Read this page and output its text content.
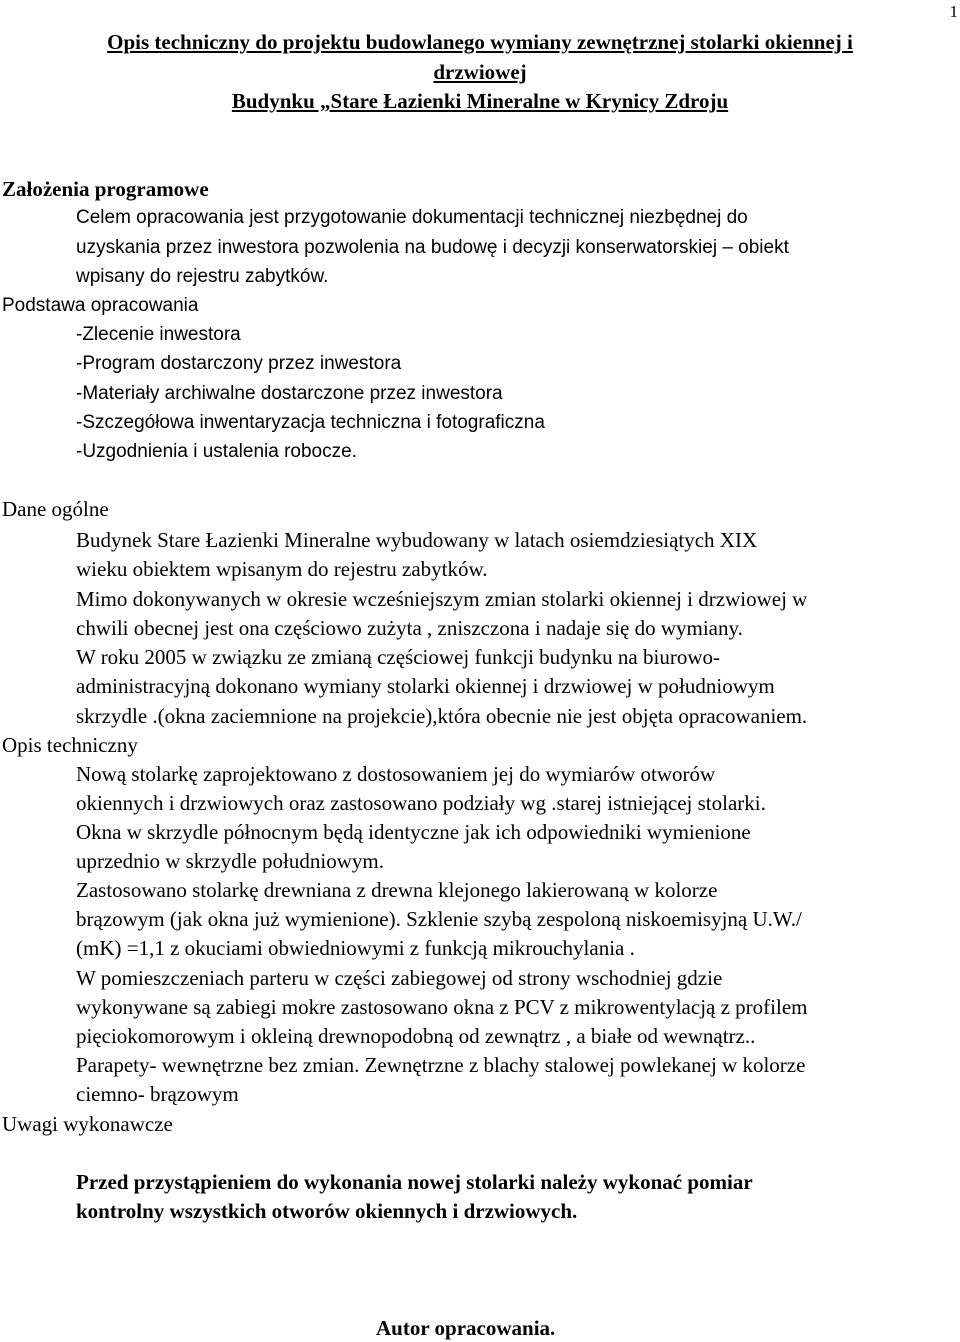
1
Opis techniczny do projektu budowlanego wymiany zewnętrznej stolarki okiennej i
drzwiowej
Budynku „Stare Łazienki Mineralne w Krynicy Zdroju
Założenia programowe
Celem opracowania jest przygotowanie dokumentacji technicznej niezbędnej do
uzyskania przez inwestora pozwolenia na budowę i decyzji konserwatorskiej – obiekt
wpisany do rejestru zabytków.
Podstawa opracowania
-Zlecenie inwestora
-Program dostarczony przez inwestora
-Materiały archiwalne dostarczone przez inwestora
-Szczegółowa inwentaryzacja techniczna i fotograficzna
-Uzgodnienia i ustalenia robocze.
Dane ogólne
Budynek Stare Łazienki Mineralne wybudowany w latach osiemdziesiątych XIX
wieku obiektem wpisanym do rejestru zabytków.
Mimo dokonywanych w okresie wcześniejszym zmian stolarki okiennej i drzwiowej w
chwili obecnej jest ona częściowo zużyta , zniszczona i nadaje się do wymiany.
W roku 2005 w związku ze zmianą częściowej funkcji budynku na biurowo-
administracyjną dokonano wymiany stolarki okiennej i drzwiowej w południowym
skrzydle .(okna zaciemnione na projekcie),która obecnie nie jest objęta opracowaniem.
Opis techniczny
Nową stolarkę zaprojektowano z dostosowaniem jej do wymiarów otworów
okiennych i drzwiowych oraz zastosowano podziały wg .starej istniejącej stolarki.
Okna w skrzydle północnym będą identyczne jak ich odpowiedniki wymienione
uprzednio w skrzydle południowym.
Zastosowano stolarkę drewniana z drewna klejonego lakierowaną w kolorze
brązowym (jak okna już wymienione). Szklenie szybą zespoloną niskoemisyjną U.W./
(mK) =1,1 z okuciami obwiedniowymi z funkcją mikrouchylania .
W pomieszczeniach parteru w części zabiegowej od strony wschodniej gdzie
wykonywane są zabiegi mokre zastosowano okna z PCV z mikrowentylacją z profilem
pięciokomorowym i okleiną drewnopodobną od zewnątrz , a białe od wewnątrz..
Parapety- wewnętrzne bez zmian. Zewnętrzne z blachy stalowej powlekanej w kolorze
ciemno- brązowym
Uwagi wykonawcze
Przed przystąpieniem do wykonania nowej stolarki należy wykonać pomiar
kontrolny wszystkich otworów okiennych i drzwiowych.
Autor opracowania.
